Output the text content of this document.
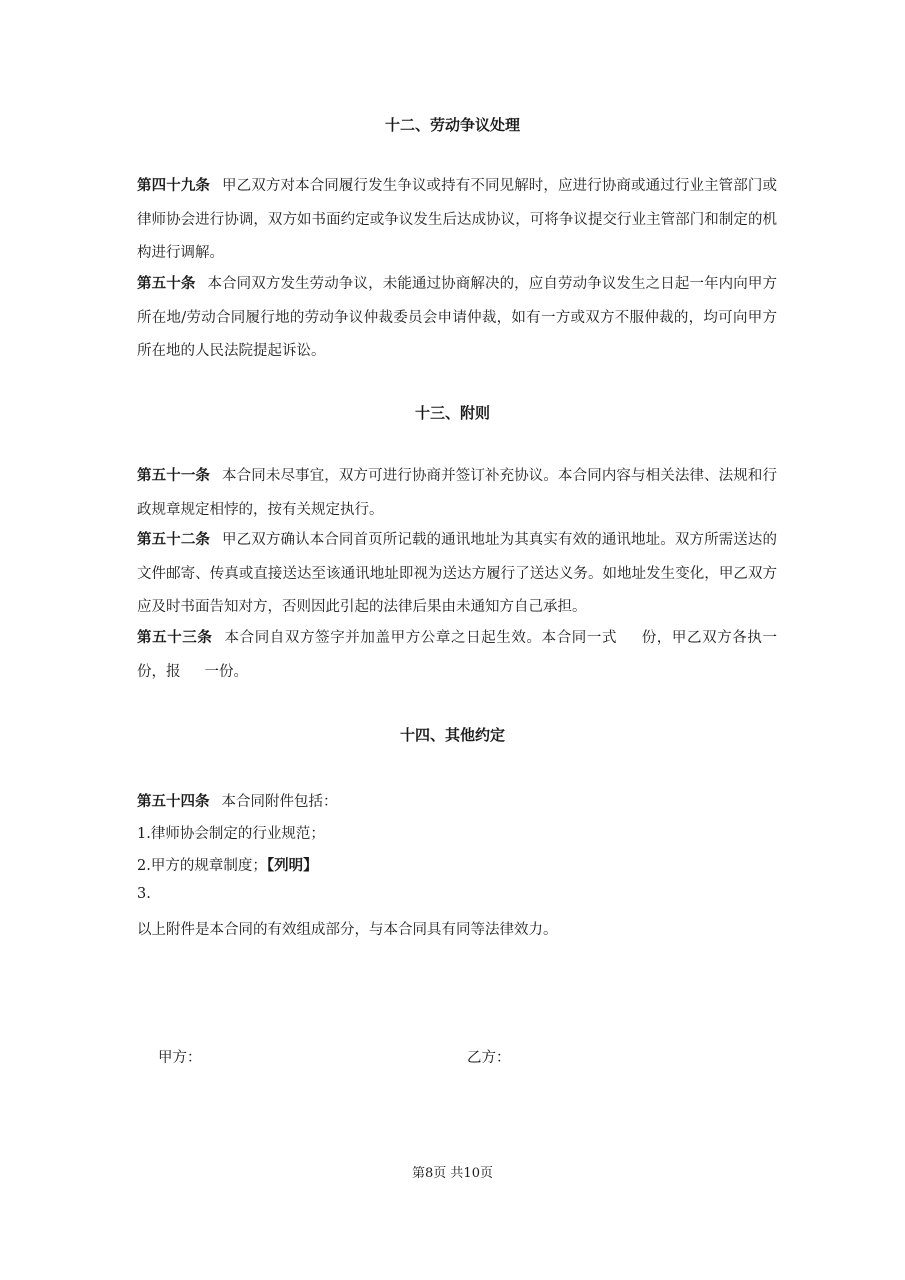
十二、劳动争议处理
第四十九条 甲乙双方对本合同履行发生争议或持有不同见解时，应进行协商或通过行业主管部门或律师协会进行协调，双方如书面约定或争议发生后达成协议，可将争议提交行业主管部门和制定的机构进行调解。
第五十条 本合同双方发生劳动争议，未能通过协商解决的，应自劳动争议发生之日起一年内向甲方所在地/劳动合同履行地的劳动争议仲裁委员会申请仲裁，如有一方或双方不服仲裁的，均可向甲方所在地的人民法院提起诉讼。
十三、附则
第五十一条 本合同未尽事宜，双方可进行协商并签订补充协议。本合同内容与相关法律、法规和行政规章规定相悖的，按有关规定执行。
第五十二条 甲乙双方确认本合同首页所记载的通讯地址为其真实有效的通讯地址。双方所需送达的文件邮寄、传真或直接送达至该通讯地址即视为送达方履行了送达义务。如地址发生变化，甲乙双方应及时书面告知对方，否则因此引起的法律后果由未通知方自己承担。
第五十三条 本合同自双方签字并加盖甲方公章之日起生效。本合同一式 份，甲乙双方各执一份，报 一份。
十四、其他约定
第五十四条 本合同附件包括：
1.律师协会制定的行业规范；
2.甲方的规章制度；【列明】
3.
以上附件是本合同的有效组成部分，与本合同具有同等法律效力。
甲方：	乙方：
第8页 共10页
